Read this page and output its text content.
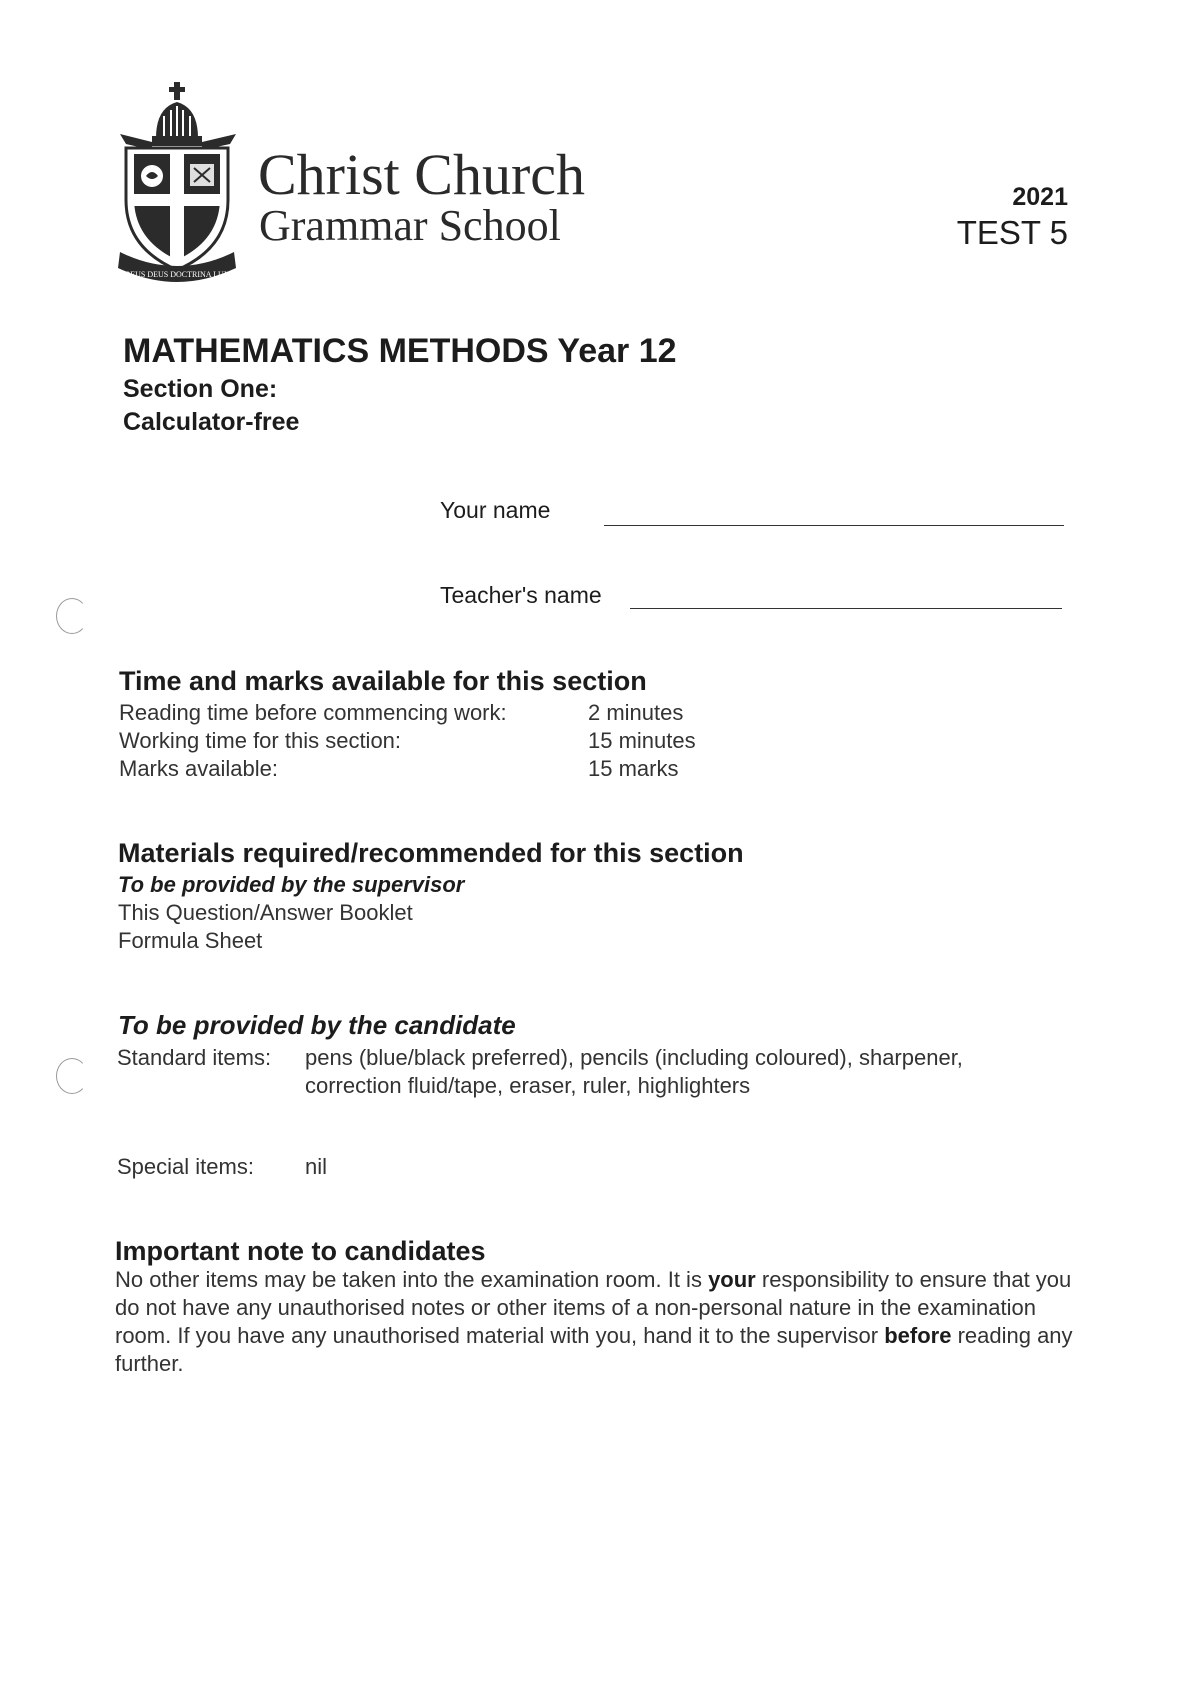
DEUS DEUS DOCTRINA LUX
Christ Church
Grammar School
2021
TEST 5
MATHEMATICS METHODS Year 12
Section One:
Calculator-free
Your name
Teacher's name
Time and marks available for this section
Reading time before commencing work:	2 minutes
Working time for this section:	15 minutes
Marks available:	15 marks
Materials required/recommended for this section
To be provided by the supervisor
This Question/Answer Booklet
Formula Sheet
To be provided by the candidate
Standard items: pens (blue/black preferred), pencils (including coloured), sharpener,
correction fluid/tape, eraser, ruler, highlighters
Special items: nil
Important note to candidates
No other items may be taken into the examination room. It is your responsibility to ensure that you do not have any unauthorised notes or other items of a non-personal nature in the examination room. If you have any unauthorised material with you, hand it to the supervisor before reading any further.
